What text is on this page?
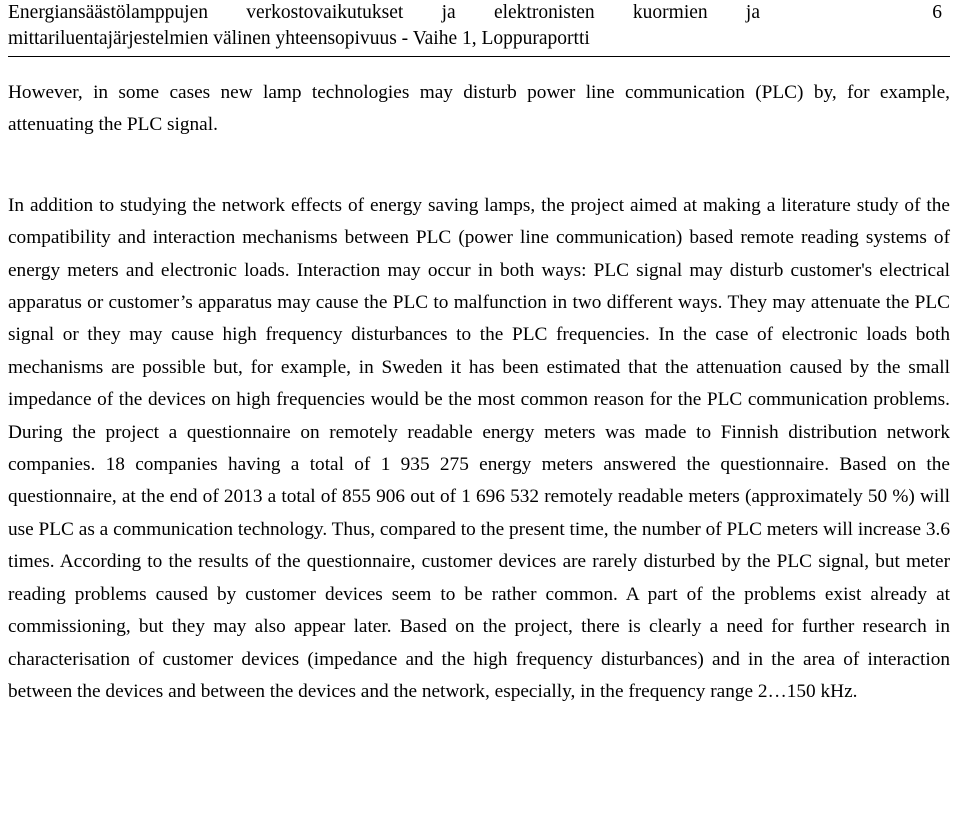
Energiansäästölamppujen verkostovaikutukset ja elektronisten kuormien ja	6
mittariluentajärjestelmien välinen yhteensopivuus - Vaihe 1, Loppuraportti

However, in some cases new lamp technologies may disturb power line communication (PLC) by, for example, attenuating the PLC signal.

In addition to studying the network effects of energy saving lamps, the project aimed at making a literature study of the compatibility and interaction mechanisms between PLC (power line communication) based remote reading systems of energy meters and electronic loads. Interaction may occur in both ways: PLC signal may disturb customer's electrical apparatus or customer’s apparatus may cause the PLC to malfunction in two different ways. They may attenuate the PLC signal or they may cause high frequency disturbances to the PLC frequencies. In the case of electronic loads both mechanisms are possible but, for example, in Sweden it has been estimated that the attenuation caused by the small impedance of the devices on high frequencies would be the most common reason for the PLC communication problems. During the project a questionnaire on remotely readable energy meters was made to Finnish distribution network companies. 18 companies having a total of 1 935 275 energy meters answered the questionnaire. Based on the questionnaire, at the end of 2013 a total of 855 906 out of 1 696 532 remotely readable meters (approximately 50 %) will use PLC as a communication technology. Thus, compared to the present time, the number of PLC meters will increase 3.6 times. According to the results of the questionnaire, customer devices are rarely disturbed by the PLC signal, but meter reading problems caused by customer devices seem to be rather common. A part of the problems exist already at commissioning, but they may also appear later. Based on the project, there is clearly a need for further research in characterisation of customer devices (impedance and the high frequency disturbances) and in the area of interaction between the devices and between the devices and the network, especially, in the frequency range 2…150 kHz.
